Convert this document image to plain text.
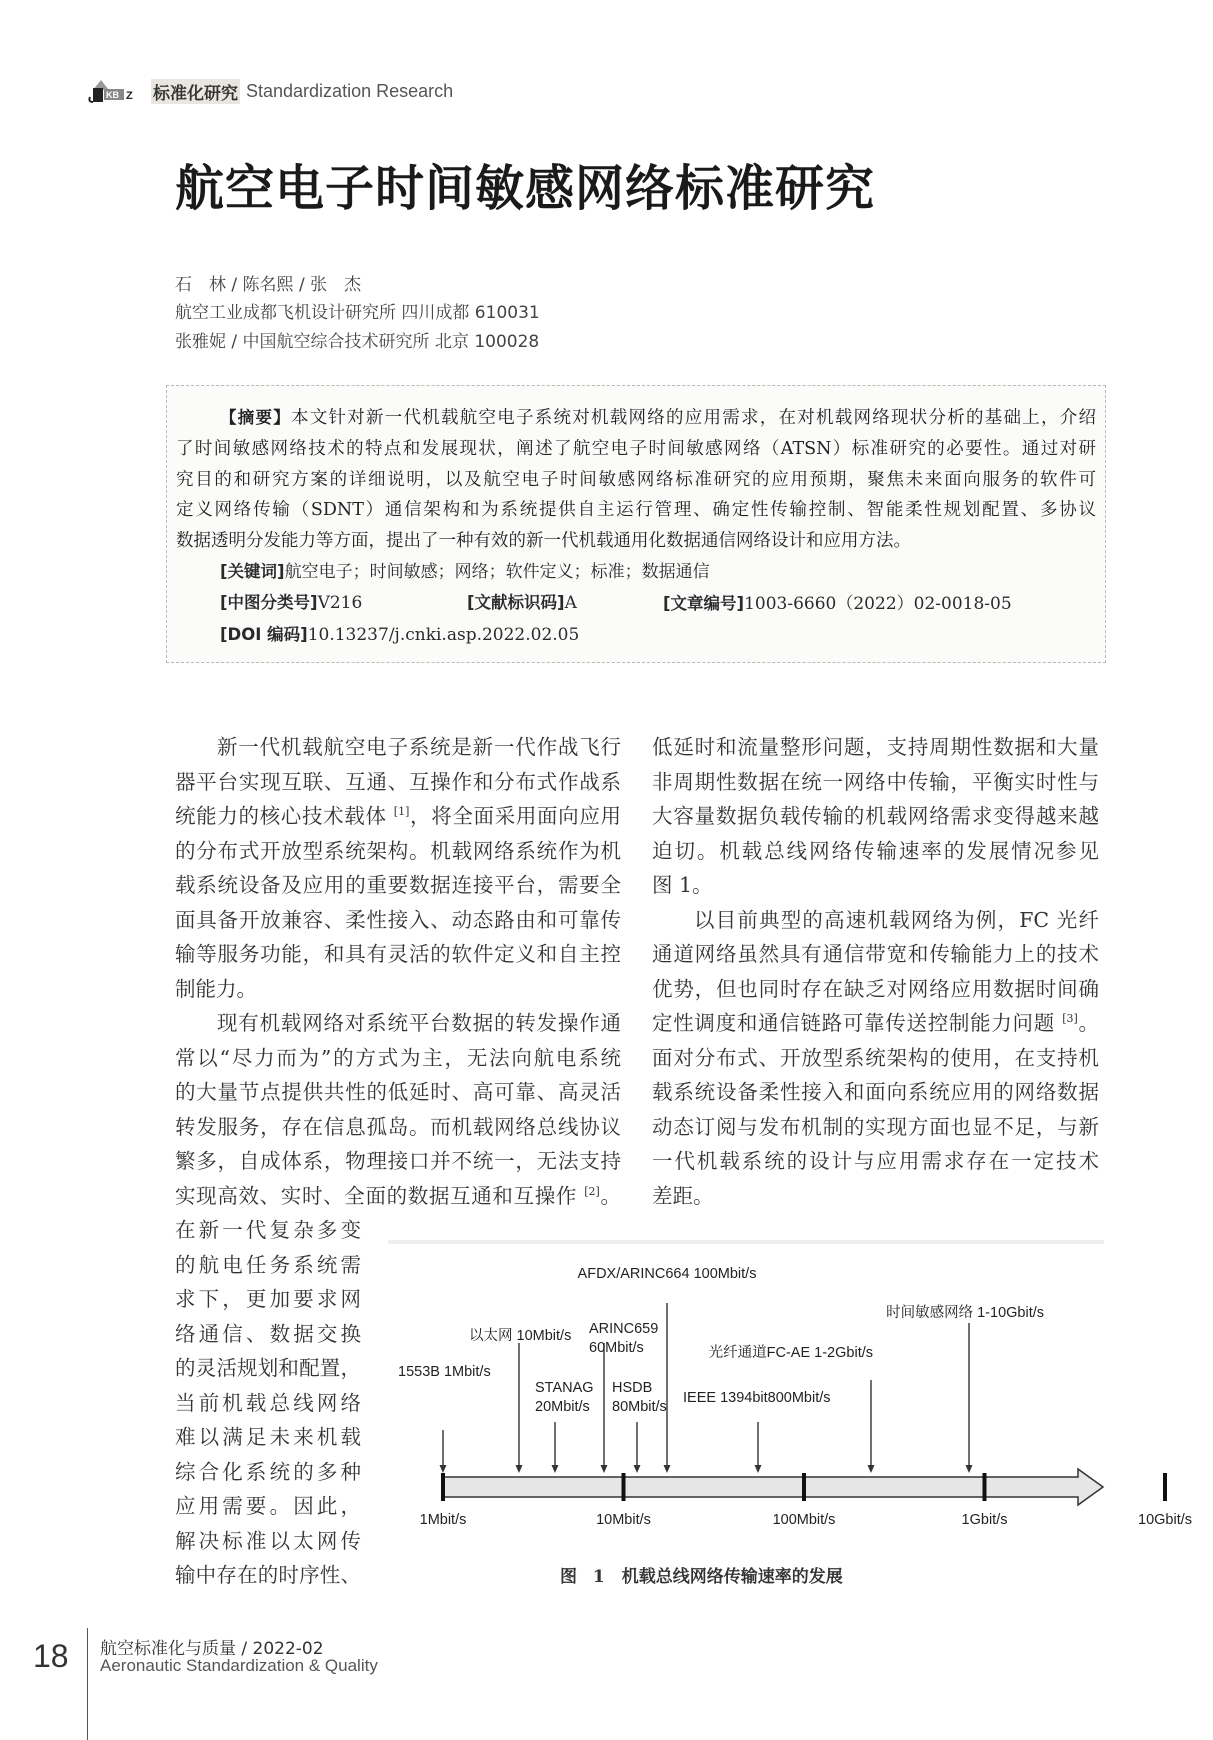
KB Z 标准化研究 Standardization Research
航空电子时间敏感网络标准研究
石　林 / 陈名熙 / 张　杰
航空工业成都飞机设计研究所 四川成都 610031
张雅妮 / 中国航空综合技术研究所 北京 100028
【摘要】本文针对新一代机载航空电子系统对机载网络的应用需求，在对机载网络现状分析的基础上，介绍
了时间敏感网络技术的特点和发展现状，阐述了航空电子时间敏感网络（ATSN）标准研究的必要性。通过对研
究目的和研究方案的详细说明，以及航空电子时间敏感网络标准研究的应用预期，聚焦未来面向服务的软件可
定义网络传输（SDNT）通信架构和为系统提供自主运行管理、确定性传输控制、智能柔性规划配置、多协议
数据透明分发能力等方面，提出了一种有效的新一代机载通用化数据通信网络设计和应用方法。
[关键词]航空电子；时间敏感；网络；软件定义；标准；数据通信
[中图分类号]V216	[文献标识码]A	[文章编号]1003-6660（2022）02-0018-05
[DOI 编码]10.13237/j.cnki.asp.2022.02.05
新一代机载航空电子系统是新一代作战飞行
器平台实现互联、互通、互操作和分布式作战系
统能力的核心技术载体 [1]，将全面采用面向应用
的分布式开放型系统架构。机载网络系统作为机
载系统设备及应用的重要数据连接平台，需要全
面具备开放兼容、柔性接入、动态路由和可靠传
输等服务功能，和具有灵活的软件定义和自主控
制能力。
现有机载网络对系统平台数据的转发操作通
常以“尽力而为”的方式为主，无法向航电系统
的大量节点提供共性的低延时、高可靠、高灵活
转发服务，存在信息孤岛。而机载网络总线协议
繁多，自成体系，物理接口并不统一，无法支持
实现高效、实时、全面的数据互通和互操作 [2]。
在新一代复杂多变
的航电任务系统需
求下，更加要求网
络通信、数据交换
的灵活规划和配置，
当前机载总线网络
难以满足未来机载
综合化系统的多种
应用需要。因此，
解决标准以太网传
输中存在的时序性、
低延时和流量整形问题，支持周期性数据和大量
非周期性数据在统一网络中传输，平衡实时性与
大容量数据负载传输的机载网络需求变得越来越
迫切。机载总线网络传输速率的发展情况参见
图 1。
以目前典型的高速机载网络为例，FC 光纤
通道网络虽然具有通信带宽和传输能力上的技术
优势，但也同时存在缺乏对网络应用数据时间确
定性调度和通信链路可靠传送控制能力问题 [3]。
面对分布式、开放型系统架构的使用，在支持机
载系统设备柔性接入和面向系统应用的网络数据
动态订阅与发布机制的实现方面也显不足，与新
一代机载系统的设计与应用需求存在一定技术
差距。
1Mbit/s	10Mbit/s	100Mbit/s	1Gbit/s	10Gbit/s
1553B 1Mbit/s
以太网 10Mbit/s
STANAG
20Mbit/s
ARINC659
60Mbit/s
HSDB
80Mbit/s
AFDX/ARINC664 100Mbit/s
IEEE 1394bit800Mbit/s
光纤通道FC-AE 1-2Gbit/s
时间敏感网络 1-10Gbit/s
图 1　机载总线网络传输速率的发展
18 航空标准化与质量 / 2022-02
Aeronautic Standardization & Quality
